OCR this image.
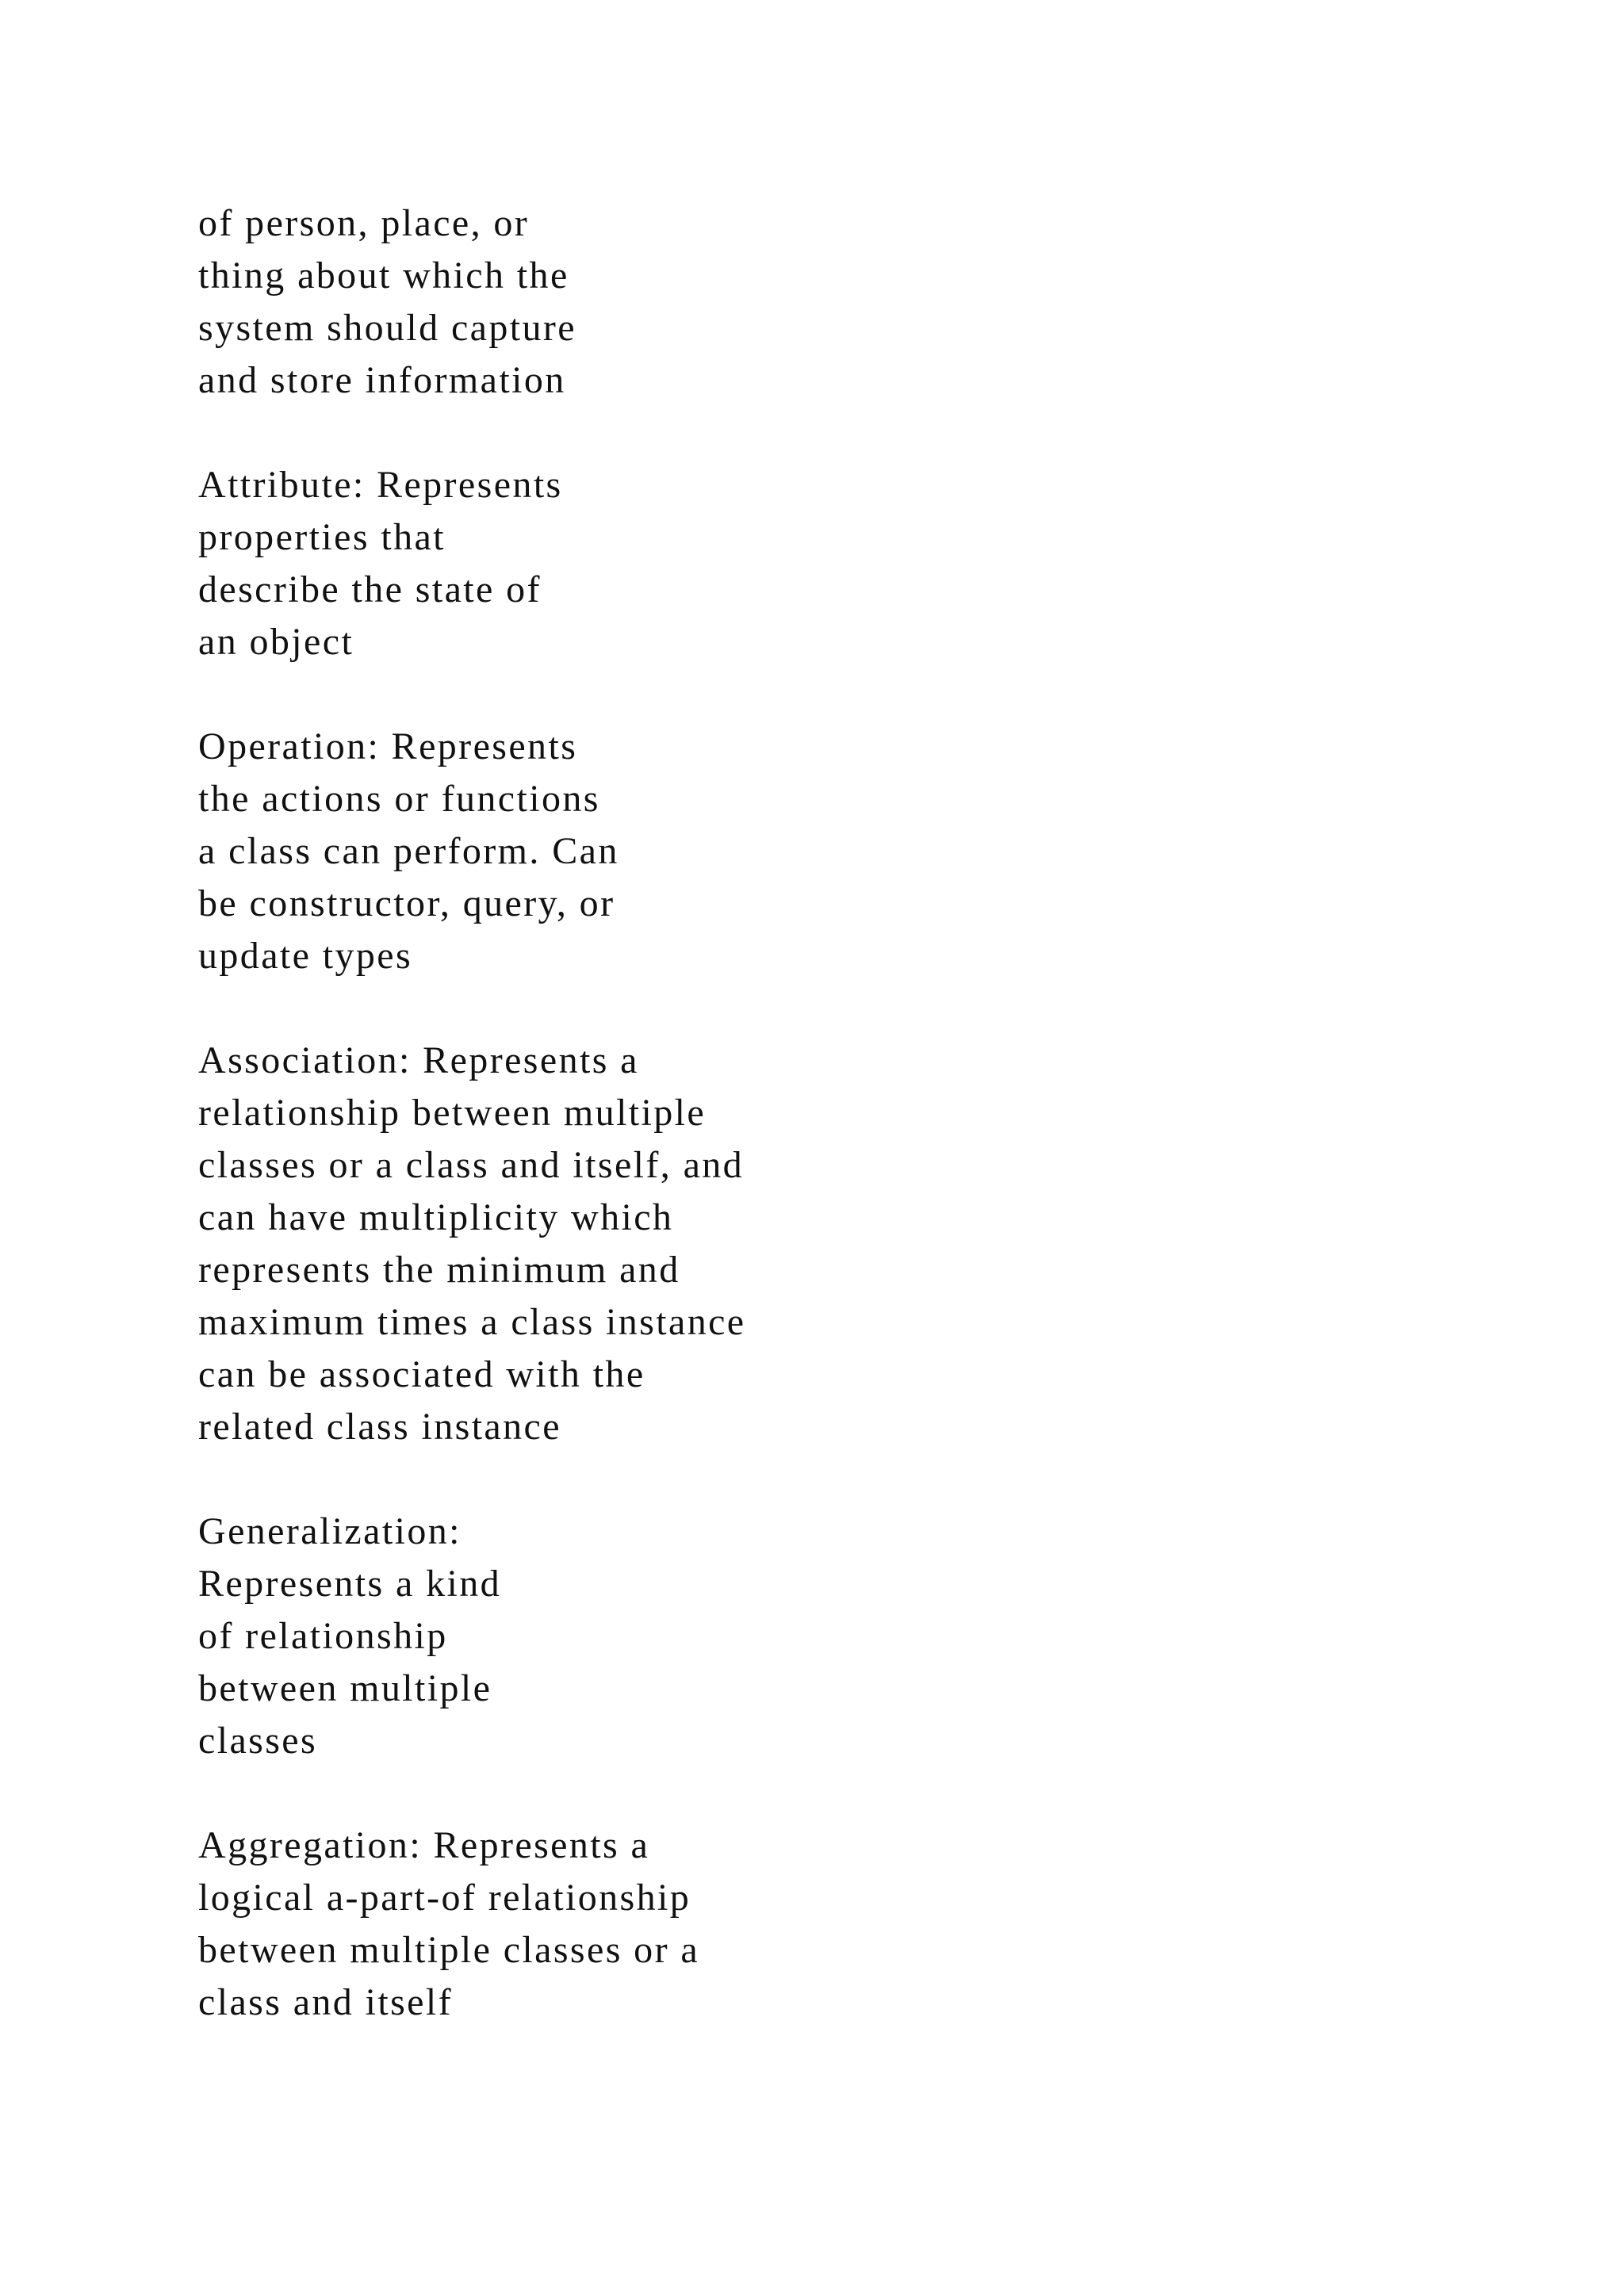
of person, place, or
thing about which the
system should capture
and store information
Attribute: Represents
properties that
describe the state of
an object
Operation: Represents
the actions or functions
a class can perform. Can
be constructor, query, or
update types
Association: Represents a
relationship between multiple
classes or a class and itself, and
can have multiplicity which
represents the minimum and
maximum times a class instance
can be associated with the
related class instance
Generalization:
Represents a kind
of relationship
between multiple
classes
Aggregation: Represents a
logical a-part-of relationship
between multiple classes or a
class and itself
